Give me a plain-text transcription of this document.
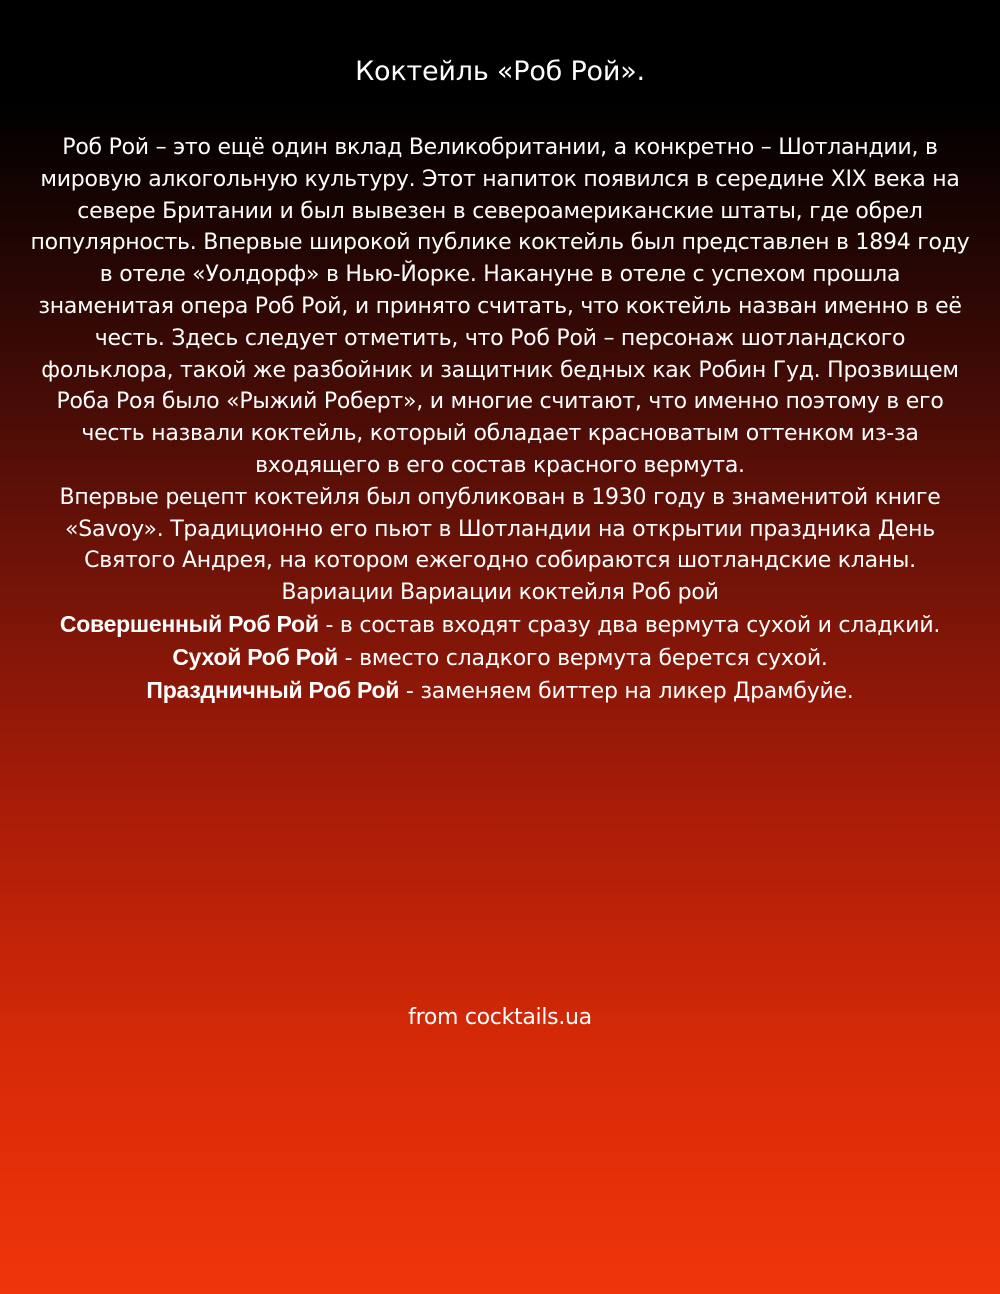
Коктейль «Роб Рой».

Роб Рой – это ещё один вклад Великобритании, а конкретно – Шотландии, в мировую алкогольную культуру. Этот напиток появился в середине XIX века на севере Британии и был вывезен в североамериканские штаты, где обрел популярность. Впервые широкой публике коктейль был представлен в 1894 году в отеле «Уолдорф» в Нью-Йорке. Накануне в отеле с успехом прошла знаменитая опера Роб Рой, и принято считать, что коктейль назван именно в её честь. Здесь следует отметить, что Роб Рой – персонаж шотландского фольклора, такой же разбойник и защитник бедных как Робин Гуд. Прозвищем Роба Роя было «Рыжий Роберт», и многие считают, что именно поэтому в его честь назвали коктейль, который обладает красноватым оттенком из-за входящего в его состав красного вермута.

Впервые рецепт коктейля был опубликован в 1930 году в знаменитой книге «Savoy». Традиционно его пьют в Шотландии на открытии праздника День Святого Андрея, на котором ежегодно собираются шотландские кланы.

Вариации Вариации коктейля Роб рой

Совершенный Роб Рой - в состав входят сразу два вермута сухой и сладкий.

Сухой Роб Рой - вместо сладкого вермута берется сухой.

Праздничный Роб Рой - заменяем биттер на ликер Драмбуйе.

from cocktails.ua
